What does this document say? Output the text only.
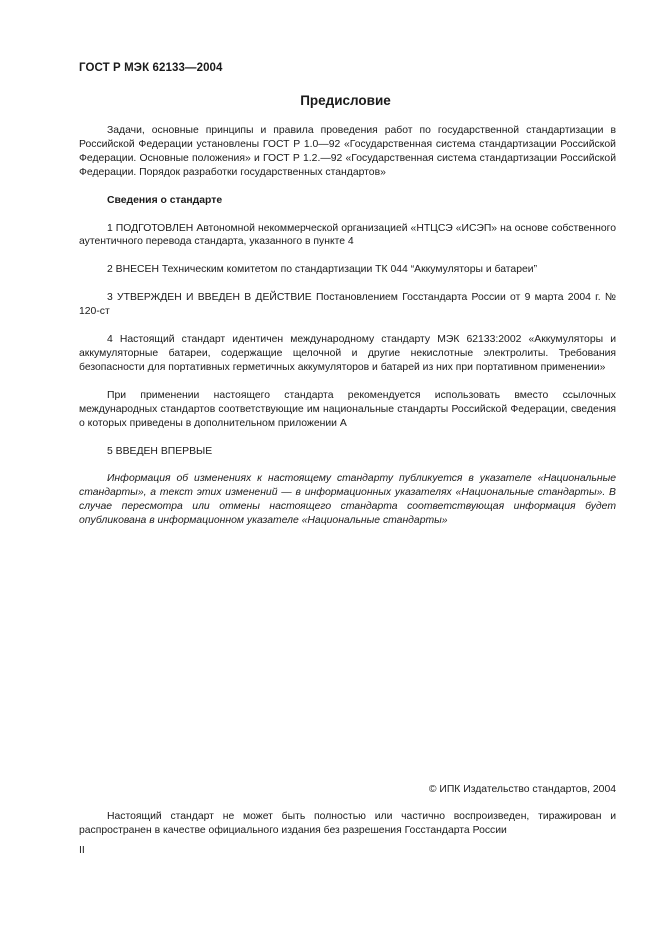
ГОСТ Р МЭК 62133—2004
Предисловие

Задачи, основные принципы и правила проведения работ по государственной стандартизации в Российской Федерации установлены ГОСТ Р 1.0—92 «Государственная система стандартизации Российской Федерации. Основные положения» и ГОСТ Р 1.2.—92 «Государственная система стандартизации Российской Федерации. Порядок разработки государственных стандартов»

Сведения о стандарте

1 ПОДГОТОВЛЕН Автономной некоммерческой организацией «НТЦСЭ «ИСЭП» на основе собственного аутентичного перевода стандарта, указанного в пункте 4

2 ВНЕСЕН Техническим комитетом по стандартизации ТК 044 “Аккумуляторы и батареи”

3 УТВЕРЖДЕН И ВВЕДЕН В ДЕЙСТВИЕ Постановлением Госстандарта России от 9 марта 2004 г. № 120-ст

4 Настоящий стандарт идентичен международному стандарту МЭК 62133:2002 «Аккумуляторы и аккумуляторные батареи, содержащие щелочной и другие некислотные электролиты. Требования безопасности для портативных герметичных аккумуляторов и батарей из них при портативном применении»

При применении настоящего стандарта рекомендуется использовать вместо ссылочных международных стандартов соответствующие им национальные стандарты Российской Федерации, сведения о которых приведены в дополнительном приложении А

5 ВВЕДЕН ВПЕРВЫЕ

Информация об изменениях к настоящему стандарту публикуется в указателе «Национальные стандарты», а текст этих изменений — в информационных указателях «Национальные стандарты». В случае пересмотра или отмены настоящего стандарта соответствующая информация будет опубликована в информационном указателе «Национальные стандарты»

© ИПК Издательство стандартов, 2004
Настоящий стандарт не может быть полностью или частично воспроизведен, тиражирован и распространен в качестве официального издания без разрешения Госстандарта России
II
